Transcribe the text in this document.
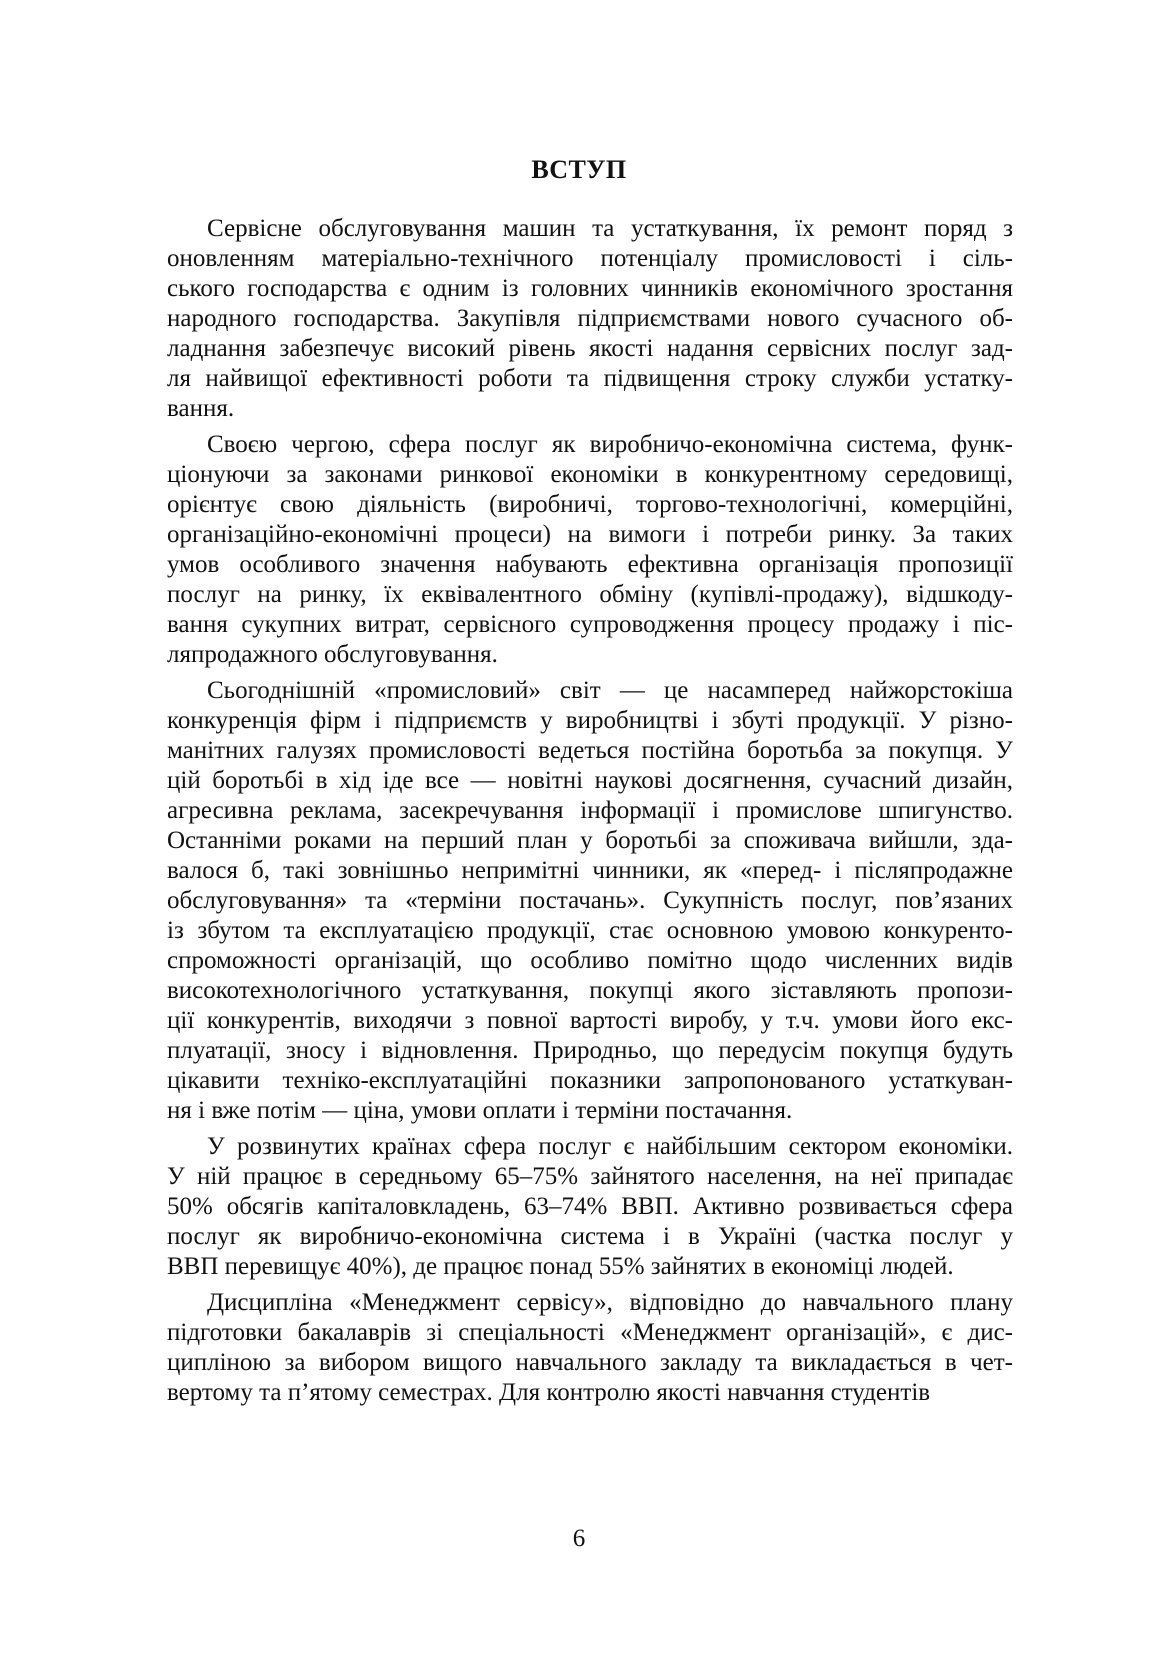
ВСТУП
Сервісне обслуговування машин та устаткування, їх ремонт поряд з
оновленням матеріально-технічного потенціалу промисловості і сіль-
ського господарства є одним із головних чинників економічного зростання
народного господарства. Закупівля підприємствами нового сучасного об-
ладнання забезпечує високий рівень якості надання сервісних послуг зад-
ля найвищої ефективності роботи та підвищення строку служби устатку-
вання.
Своєю чергою, сфера послуг як виробничо-економічна система, функ-
ціонуючи за законами ринкової економіки в конкурентному середовищі,
орієнтує свою діяльність (виробничі, торгово-технологічні, комерційні,
організаційно-економічні процеси) на вимоги і потреби ринку. За таких
умов особливого значення набувають ефективна організація пропозиції
послуг на ринку, їх еквівалентного обміну (купівлі-продажу), відшкоду-
вання сукупних витрат, сервісного супроводження процесу продажу і піс-
ляпродажного обслуговування.
Сьогоднішній «промисловий» світ — це насамперед найжорстокіша
конкуренція фірм і підприємств у виробництві і збуті продукції. У різно-
манітних галузях промисловості ведеться постійна боротьба за покупця. У
цій боротьбі в хід іде все — новітні наукові досягнення, сучасний дизайн,
агресивна реклама, засекречування інформації і промислове шпигунство.
Останніми роками на перший план у боротьбі за споживача вийшли, зда-
валося б, такі зовнішньо непримітні чинники, як «перед- і післяпродажне
обслуговування» та «терміни постачань». Сукупність послуг, пов’язаних
із збутом та експлуатацією продукції, стає основною умовою конкуренто-
спроможності організацій, що особливо помітно щодо численних видів
високотехнологічного устаткування, покупці якого зіставляють пропози-
ції конкурентів, виходячи з повної вартості виробу, у т.ч. умови його екс-
плуатації, зносу і відновлення. Природньо, що передусім покупця будуть
цікавити техніко-експлуатаційні показники запропонованого устаткуван-
ня і вже потім — ціна, умови оплати і терміни постачання.
У розвинутих країнах сфера послуг є найбільшим сектором економіки.
У ній працює в середньому 65–75% зайнятого населення, на неї припадає
50% обсягів капіталовкладень, 63–74% ВВП. Активно розвивається сфера
послуг як виробничо-економічна система і в Україні (частка послуг у
ВВП перевищує 40%), де працює понад 55% зайнятих в економіці людей.
Дисципліна «Менеджмент сервісу», відповідно до навчального плану
підготовки бакалаврів зі спеціальності «Менеджмент організацій», є дис-
ципліною за вибором вищого навчального закладу та викладається в чет-
вертому та п’ятому семестрах. Для контролю якості навчання студентів
6
